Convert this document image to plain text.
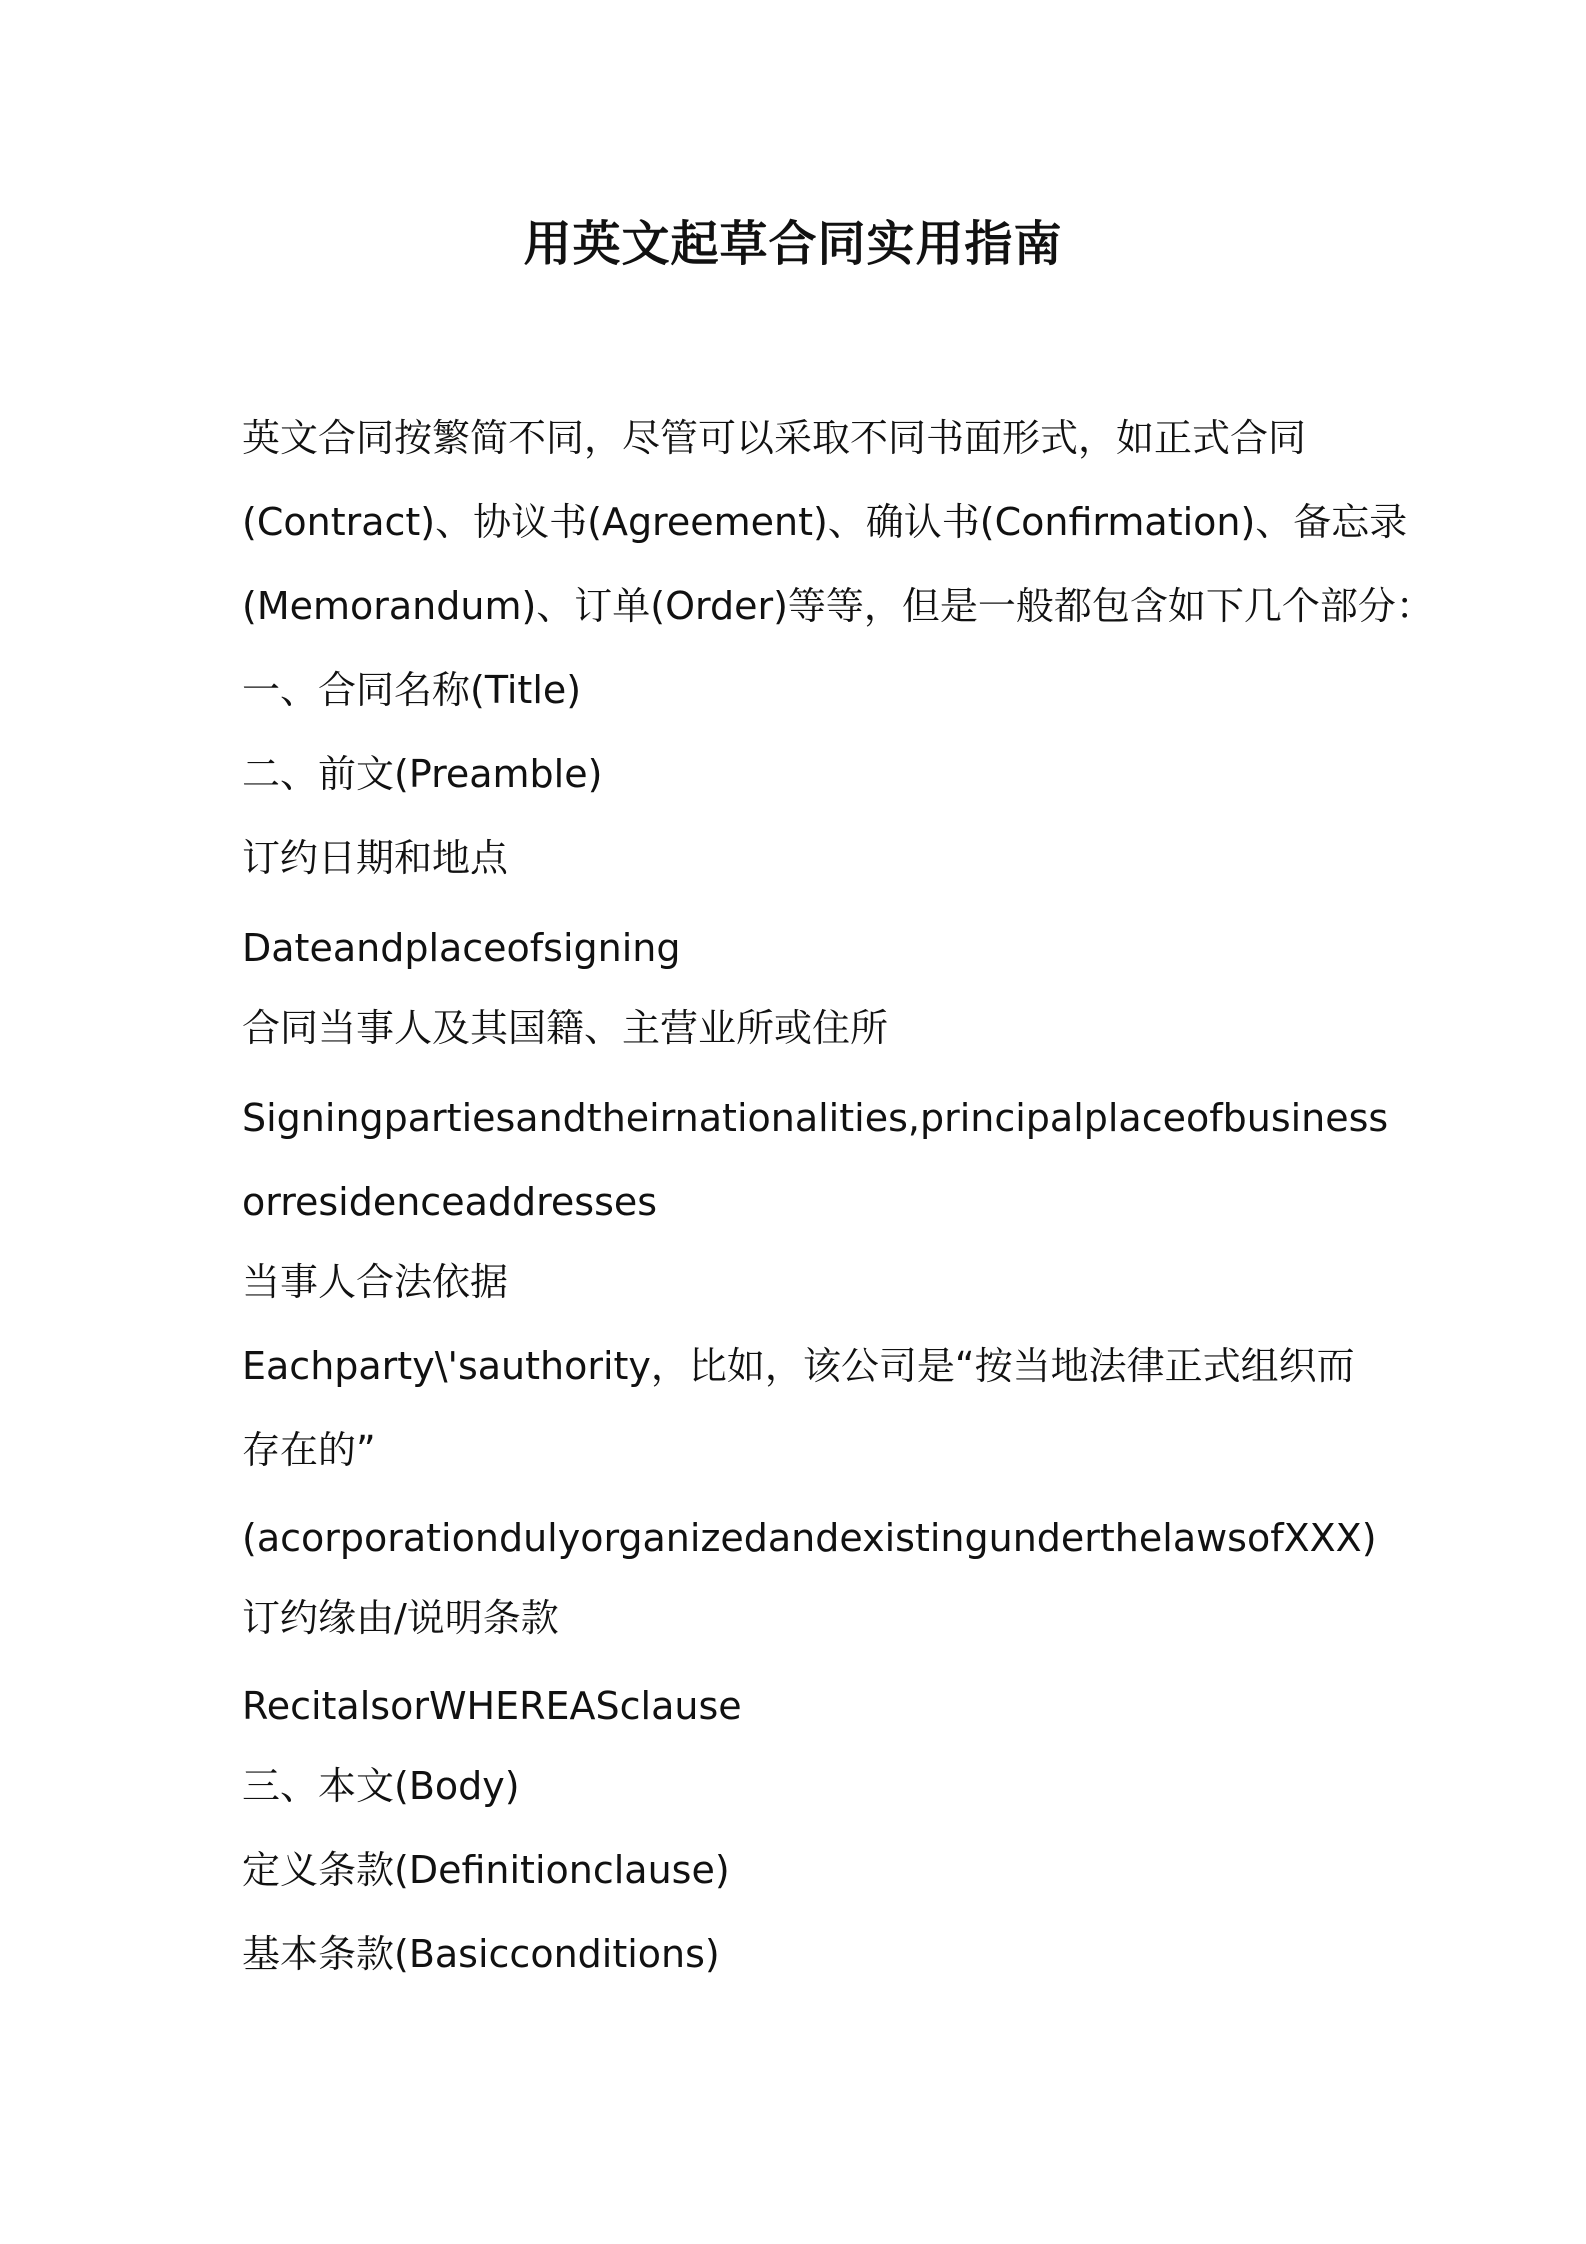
用英文起草合同实用指南
英文合同按繁简不同，尽管可以采取不同书面形式，如正式合同
(Contract)、协议书(Agreement)、确认书(Confirmation)、备忘录
(Memorandum)、订单(Order)等等，但是一般都包含如下几个部分：
一、合同名称(Title)
二、前文(Preamble)
订约日期和地点
Dateandplaceofsigning
合同当事人及其国籍、主营业所或住所
Signingpartiesandtheirnationalities,principalplaceofbusiness
orresidenceaddresses
当事人合法依据
Eachparty\'sauthority，比如，该公司是“按当地法律正式组织而
存在的”
(acorporationdulyorganizedandexistingunderthelawsofXXX)
订约缘由/说明条款
RecitalsorWHEREASclause
三、本文(Body)
定义条款(Definitionclause)
基本条款(Basicconditions)
